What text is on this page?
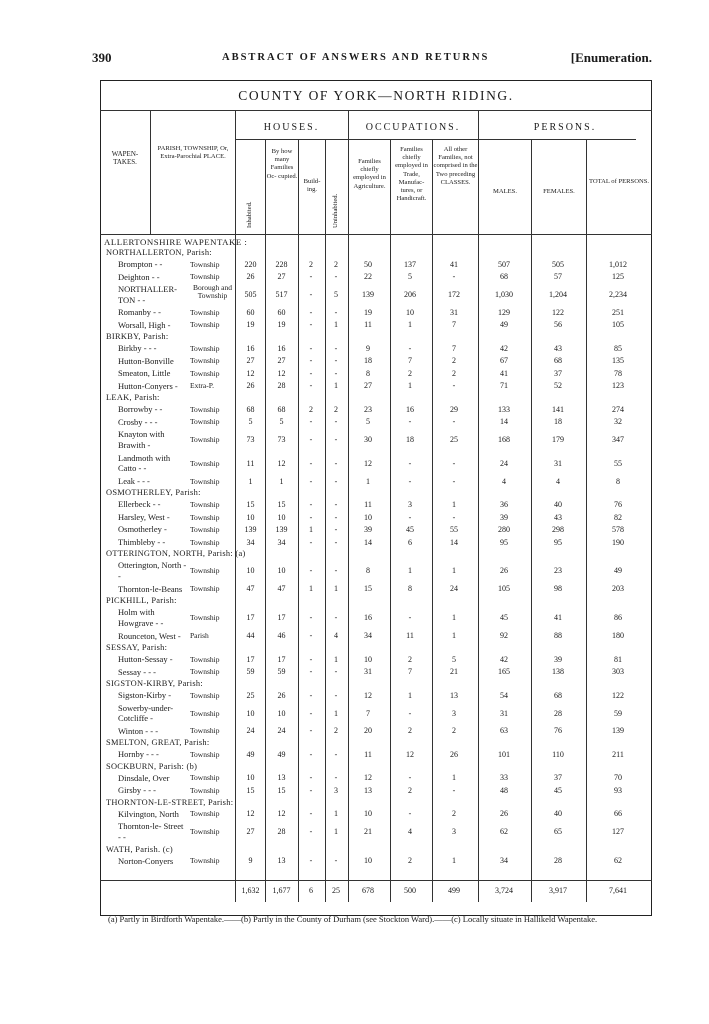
390	ABSTRACT OF ANSWERS AND RETURNS	[Enumeration.
COUNTY OF YORK—NORTH RIDING.
WAPEN- TAKES.
PARISH, TOWNSHIP, Or, Extra-Parochial PLACE.
HOUSES.
Inhabited.
By how many Families Oc- cupied.
Build- ing.
Uninhabited.
OCCUPATIONS.
Families chiefly employed in Agriculture.
Families chiefly employed in Trade, Manufac- tures, or Handicraft.
All other Families, not comprised in the Two preceding CLASSES.
PERSONS.
MALES.	FEMALES.
TOTAL of PERSONS.
ALLERTONSHIRE WAPENTAKE :
NORTHALLERTON, Parish:
Brompton - -	Township	220	228	2	2	50	137	41	507	505	1,012
Deighton - -	Township	26	27	-	-	22	5	-	68	57	125
NORTHALLER- TON - -
Borough and Township	505	517	-	5	139	206	172	1,030	1,204	2,234
Romanby - -	Township	60	60	-	-	19	10	31	129	122	251
Worsall, High -	Township	19	19	-	1	11	1	7	49	56	105
BIRKBY, Parish:
Birkby - - -	Township	16	16	-	-	9	-	7	42	43	85
Hutton-Bonville	Township	27	27	-	-	18	7	2	67	68	135
Smeaton, Little	Township	12	12	-	-	8	2	2	41	37	78
Hutton-Conyers -	Extra-P.	26	28	-	1	27	1	-	71	52	123
LEAK, Parish:
Borrowby - -	Township	68	68	2	2	23	16	29	133	141	274
Crosby - - -	Township	5	5	-	-	5	-	-	14	18	32
Knayton with Brawith -	Township	73	73	-	-	30	18	25	168	179	347
Landmoth with Catto - -	Township	11	12	-	-	12	-	-	24	31	55
Leak - - -	Township	1	1	-	-	1	-	-	4	4	8
OSMOTHERLEY, Parish:
Ellerbeck - -	Township	15	15	-	-	11	3	1	36	40	76
Harsley, West -	Township	10	10	-	-	10	-	-	39	43	82
Osmotherley -	Township	139	139	1	-	39	45	55	280	298	578
Thimbleby - -	Township	34	34	-	-	14	6	14	95	95	190
OTTERINGTON, NORTH, Parish: (a)
Otterington, North - -	Township	10	10	-	-	8	1	1	26	23	49
Thornton-le-Beans	Township	47	47	1	1	15	8	24	105	98	203
PICKHILL, Parish:
Holm with Howgrave - -	Township	17	17	-	-	16	-	1	45	41	86
Rounceton, West -	Parish	44	46	-	4	34	11	1	92	88	180
SESSAY, Parish:
Hutton-Sessay -	Township	17	17	-	1	10	2	5	42	39	81
Sessay - - -	Township	59	59	-	-	31	7	21	165	138	303
SIGSTON-KIRBY, Parish:
Sigston-Kirby -	Township	25	26	-	-	12	1	13	54	68	122
Sowerby-under- Cotcliffe -	Township	10	10	-	1	7	-	3	31	28	59
Winton - - -	Township	24	24	-	2	20	2	2	63	76	139
SMELTON, GREAT, Parish:
Hornby - - -	Township	49	49	-	-	11	12	26	101	110	211
SOCKBURN, Parish: (b)
Dinsdale, Over	Township	10	13	-	-	12	-	1	33	37	70
Girsby - - -	Township	15	15	-	3	13	2	-	48	45	93
THORNTON-LE-STREET, Parish:
Kilvington, North	Township	12	12	-	1	10	-	2	26	40	66
Thornton-le- Street - -	Township	27	28	-	1	21	4	3	62	65	127
WATH, Parish. (c)
Norton-Conyers	Township	9	13	-	-	10	2	1	34	28	62
1,632	1,677	6	25	678	500	499	3,724	3,917	7,641
(a) Partly in Birdforth Wapentake.——(b) Partly in the County of Durham (see Stockton Ward).——(c) Locally situate in Hallikeld Wapentake.
